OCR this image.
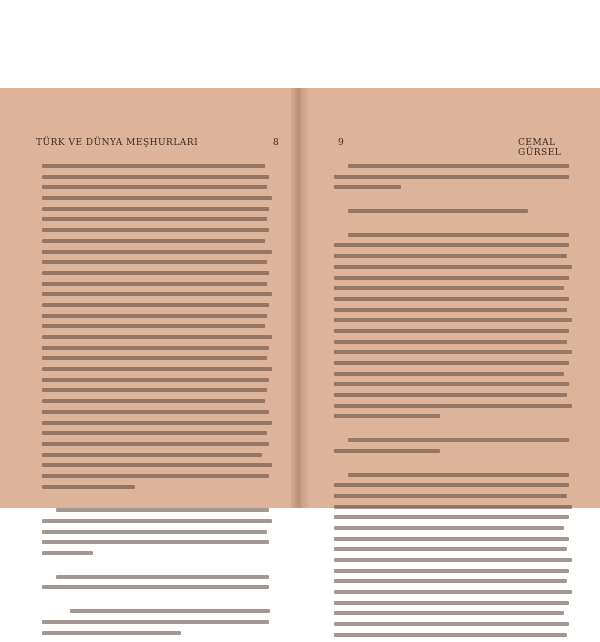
TÜRK VE DÜNYA MEŞHURLARI	8	9	CEMAL GÜRSEL
